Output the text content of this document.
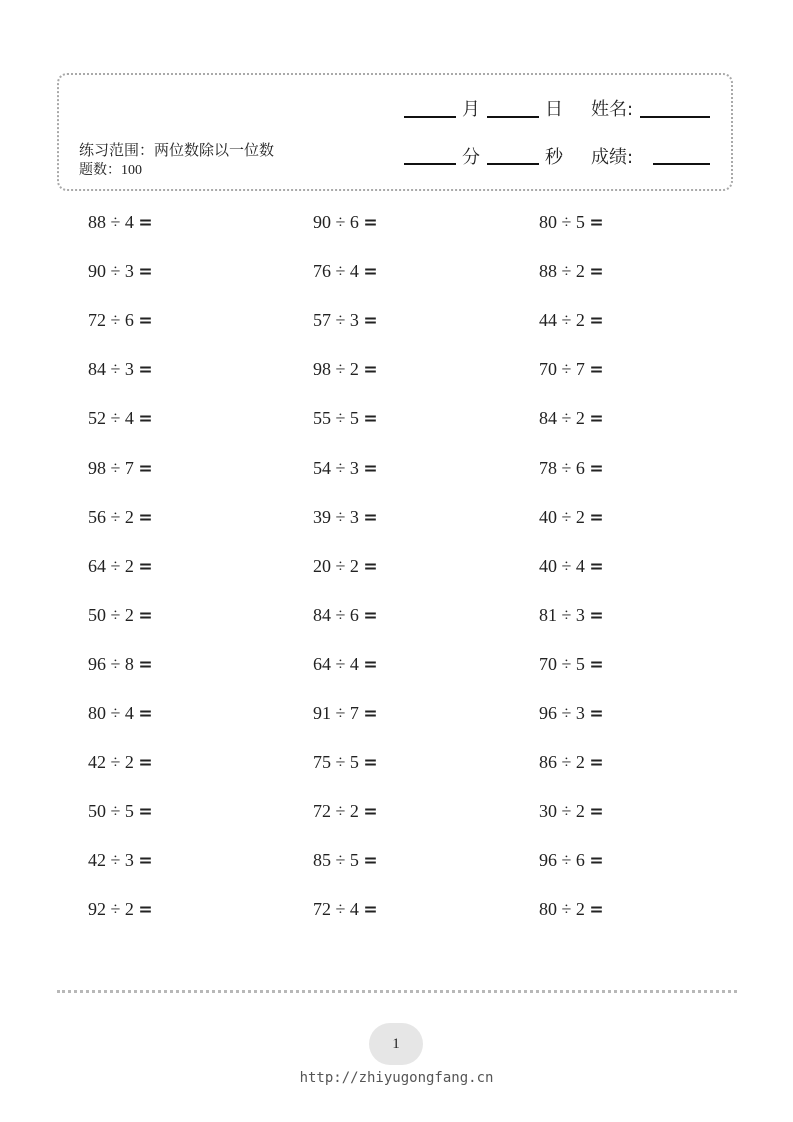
练习范围：两位数除以一位数
题数：100
月	日 姓名:
分	秒 成绩:
88 ÷ 4 =	90 ÷ 6 =	80 ÷ 5 =
90 ÷ 3 =	76 ÷ 4 =	88 ÷ 2 =
72 ÷ 6 =	57 ÷ 3 =	44 ÷ 2 =
84 ÷ 3 =	98 ÷ 2 =	70 ÷ 7 =
52 ÷ 4 =	55 ÷ 5 =	84 ÷ 2 =
98 ÷ 7 =	54 ÷ 3 =	78 ÷ 6 =
56 ÷ 2 =	39 ÷ 3 =	40 ÷ 2 =
64 ÷ 2 =	20 ÷ 2 =	40 ÷ 4 =
50 ÷ 2 =	84 ÷ 6 =	81 ÷ 3 =
96 ÷ 8 =	64 ÷ 4 =	70 ÷ 5 =
80 ÷ 4 =	91 ÷ 7 =	96 ÷ 3 =
42 ÷ 2 =	75 ÷ 5 =	86 ÷ 2 =
50 ÷ 5 =	72 ÷ 2 =	30 ÷ 2 =
42 ÷ 3 =	85 ÷ 5 =	96 ÷ 6 =
92 ÷ 2 =	72 ÷ 4 =	80 ÷ 2 =
1
http://zhiyugongfang.cn
